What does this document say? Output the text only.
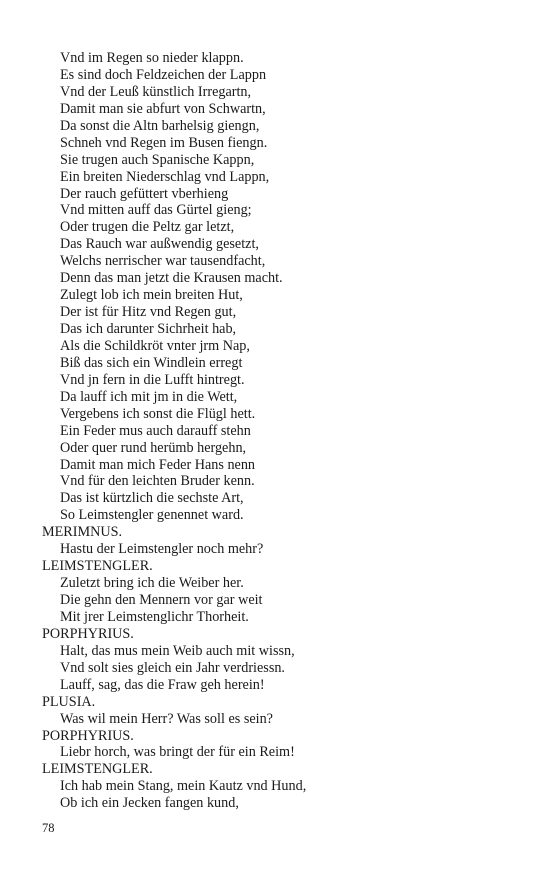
Vnd im Regen so nieder klappn.
Es sind doch Feldzeichen der Lappn
Vnd der Leuß künstlich Irregartn,
Damit man sie abfurt von Schwartn,
Da sonst die Altn barhelsig giengn,
Schneh vnd Regen im Busen fiengn.
Sie trugen auch Spanische Kappn,
Ein breiten Niederschlag vnd Lappn,
Der rauch gefüttert vberhieng
Vnd mitten auff das Gürtel gieng;
Oder trugen die Peltz gar letzt,
Das Rauch war außwendig gesetzt,
Welchs nerrischer war tausendfacht,
Denn das man jetzt die Krausen macht.
Zulegt lob ich mein breiten Hut,
Der ist für Hitz vnd Regen gut,
Das ich darunter Sichrheit hab,
Als die Schildkröt vnter jrm Nap,
Biß das sich ein Windlein erregt
Vnd jn fern in die Lufft hintregt.
Da lauff ich mit jm in die Wett,
Vergebens ich sonst die Flügl hett.
Ein Feder mus auch darauff stehn
Oder quer rund herümb hergehn,
Damit man mich Feder Hans nenn
Vnd für den leichten Bruder kenn.
Das ist kürtzlich die sechste Art,
So Leimstengler genennet ward.
MERIMNUS.
Hastu der Leimstengler noch mehr?
LEIMSTENGLER.
Zuletzt bring ich die Weiber her.
Die gehn den Mennern vor gar weit
Mit jrer Leimstenglichr Thorheit.
PORPHYRIUS.
Halt, das mus mein Weib auch mit wissn,
Vnd solt sies gleich ein Jahr verdriessn.
Lauff, sag, das die Fraw geh herein!
PLUSIA.
Was wil mein Herr? Was soll es sein?
PORPHYRIUS.
Liebr horch, was bringt der für ein Reim!
LEIMSTENGLER.
Ich hab mein Stang, mein Kautz vnd Hund,
Ob ich ein Jecken fangen kund,
78
